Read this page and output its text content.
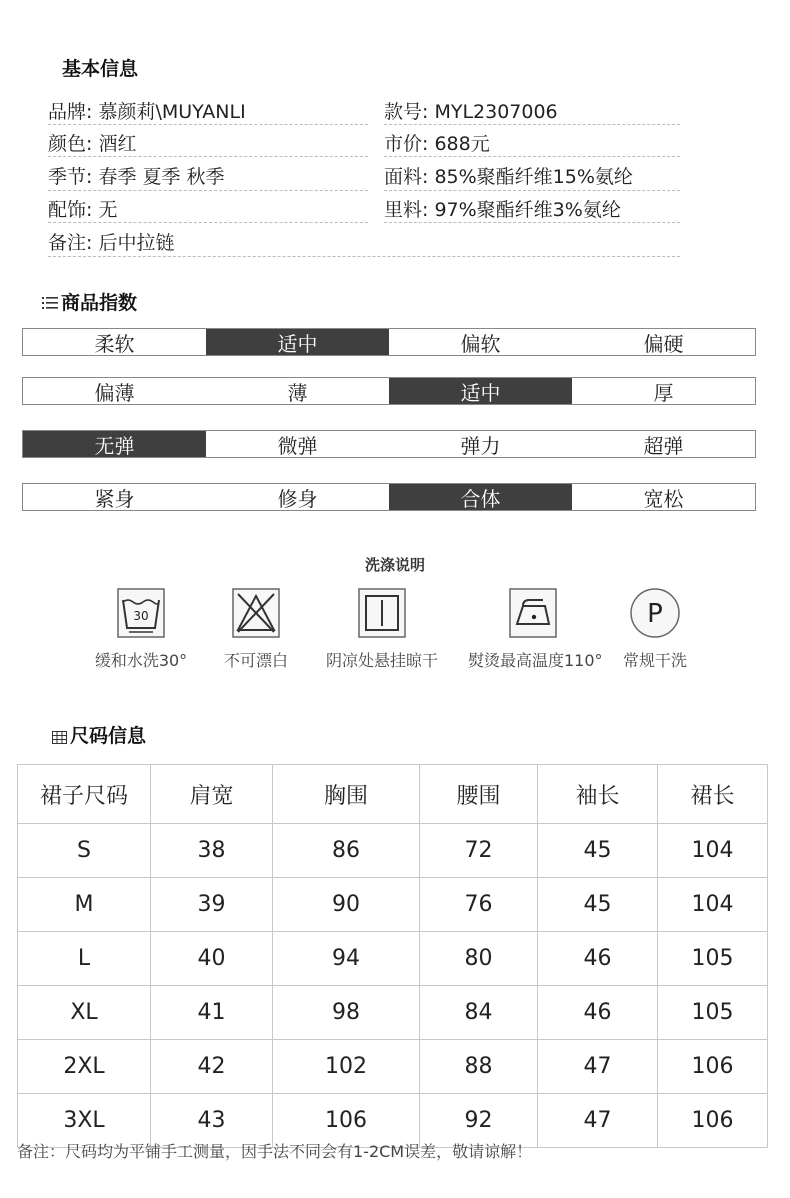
基本信息
品牌: 慕颜莉\MUYANLI	款号: MYL2307006
颜色: 酒红	市价: 688元
季节: 春季 夏季 秋季	面料: 85%聚酯纤维15%氨纶
配饰: 无	里料: 97%聚酯纤维3%氨纶
备注: 后中拉链
商品指数
柔软	适中	偏软	偏硬
偏薄	薄	适中	厚
无弹	微弹	弹力	超弹
紧身	修身	合体	宽松
洗涤说明
30
缓和水洗30°	不可漂白	阴凉处悬挂晾干	熨烫最高温度110°
P
常规干洗
尺码信息
裙子尺码	肩宽	胸围	腰围	袖长	裙长
S	38	86	72	45	104
M	39	90	76	45	104
L	40	94	80	46	105
XL	41	98	84	46	105
2XL	42	102	88	47	106
3XL	43	106	92	47	106
备注：尺码均为平铺手工测量，因手法不同会有1-2CM误差，敬请谅解！
